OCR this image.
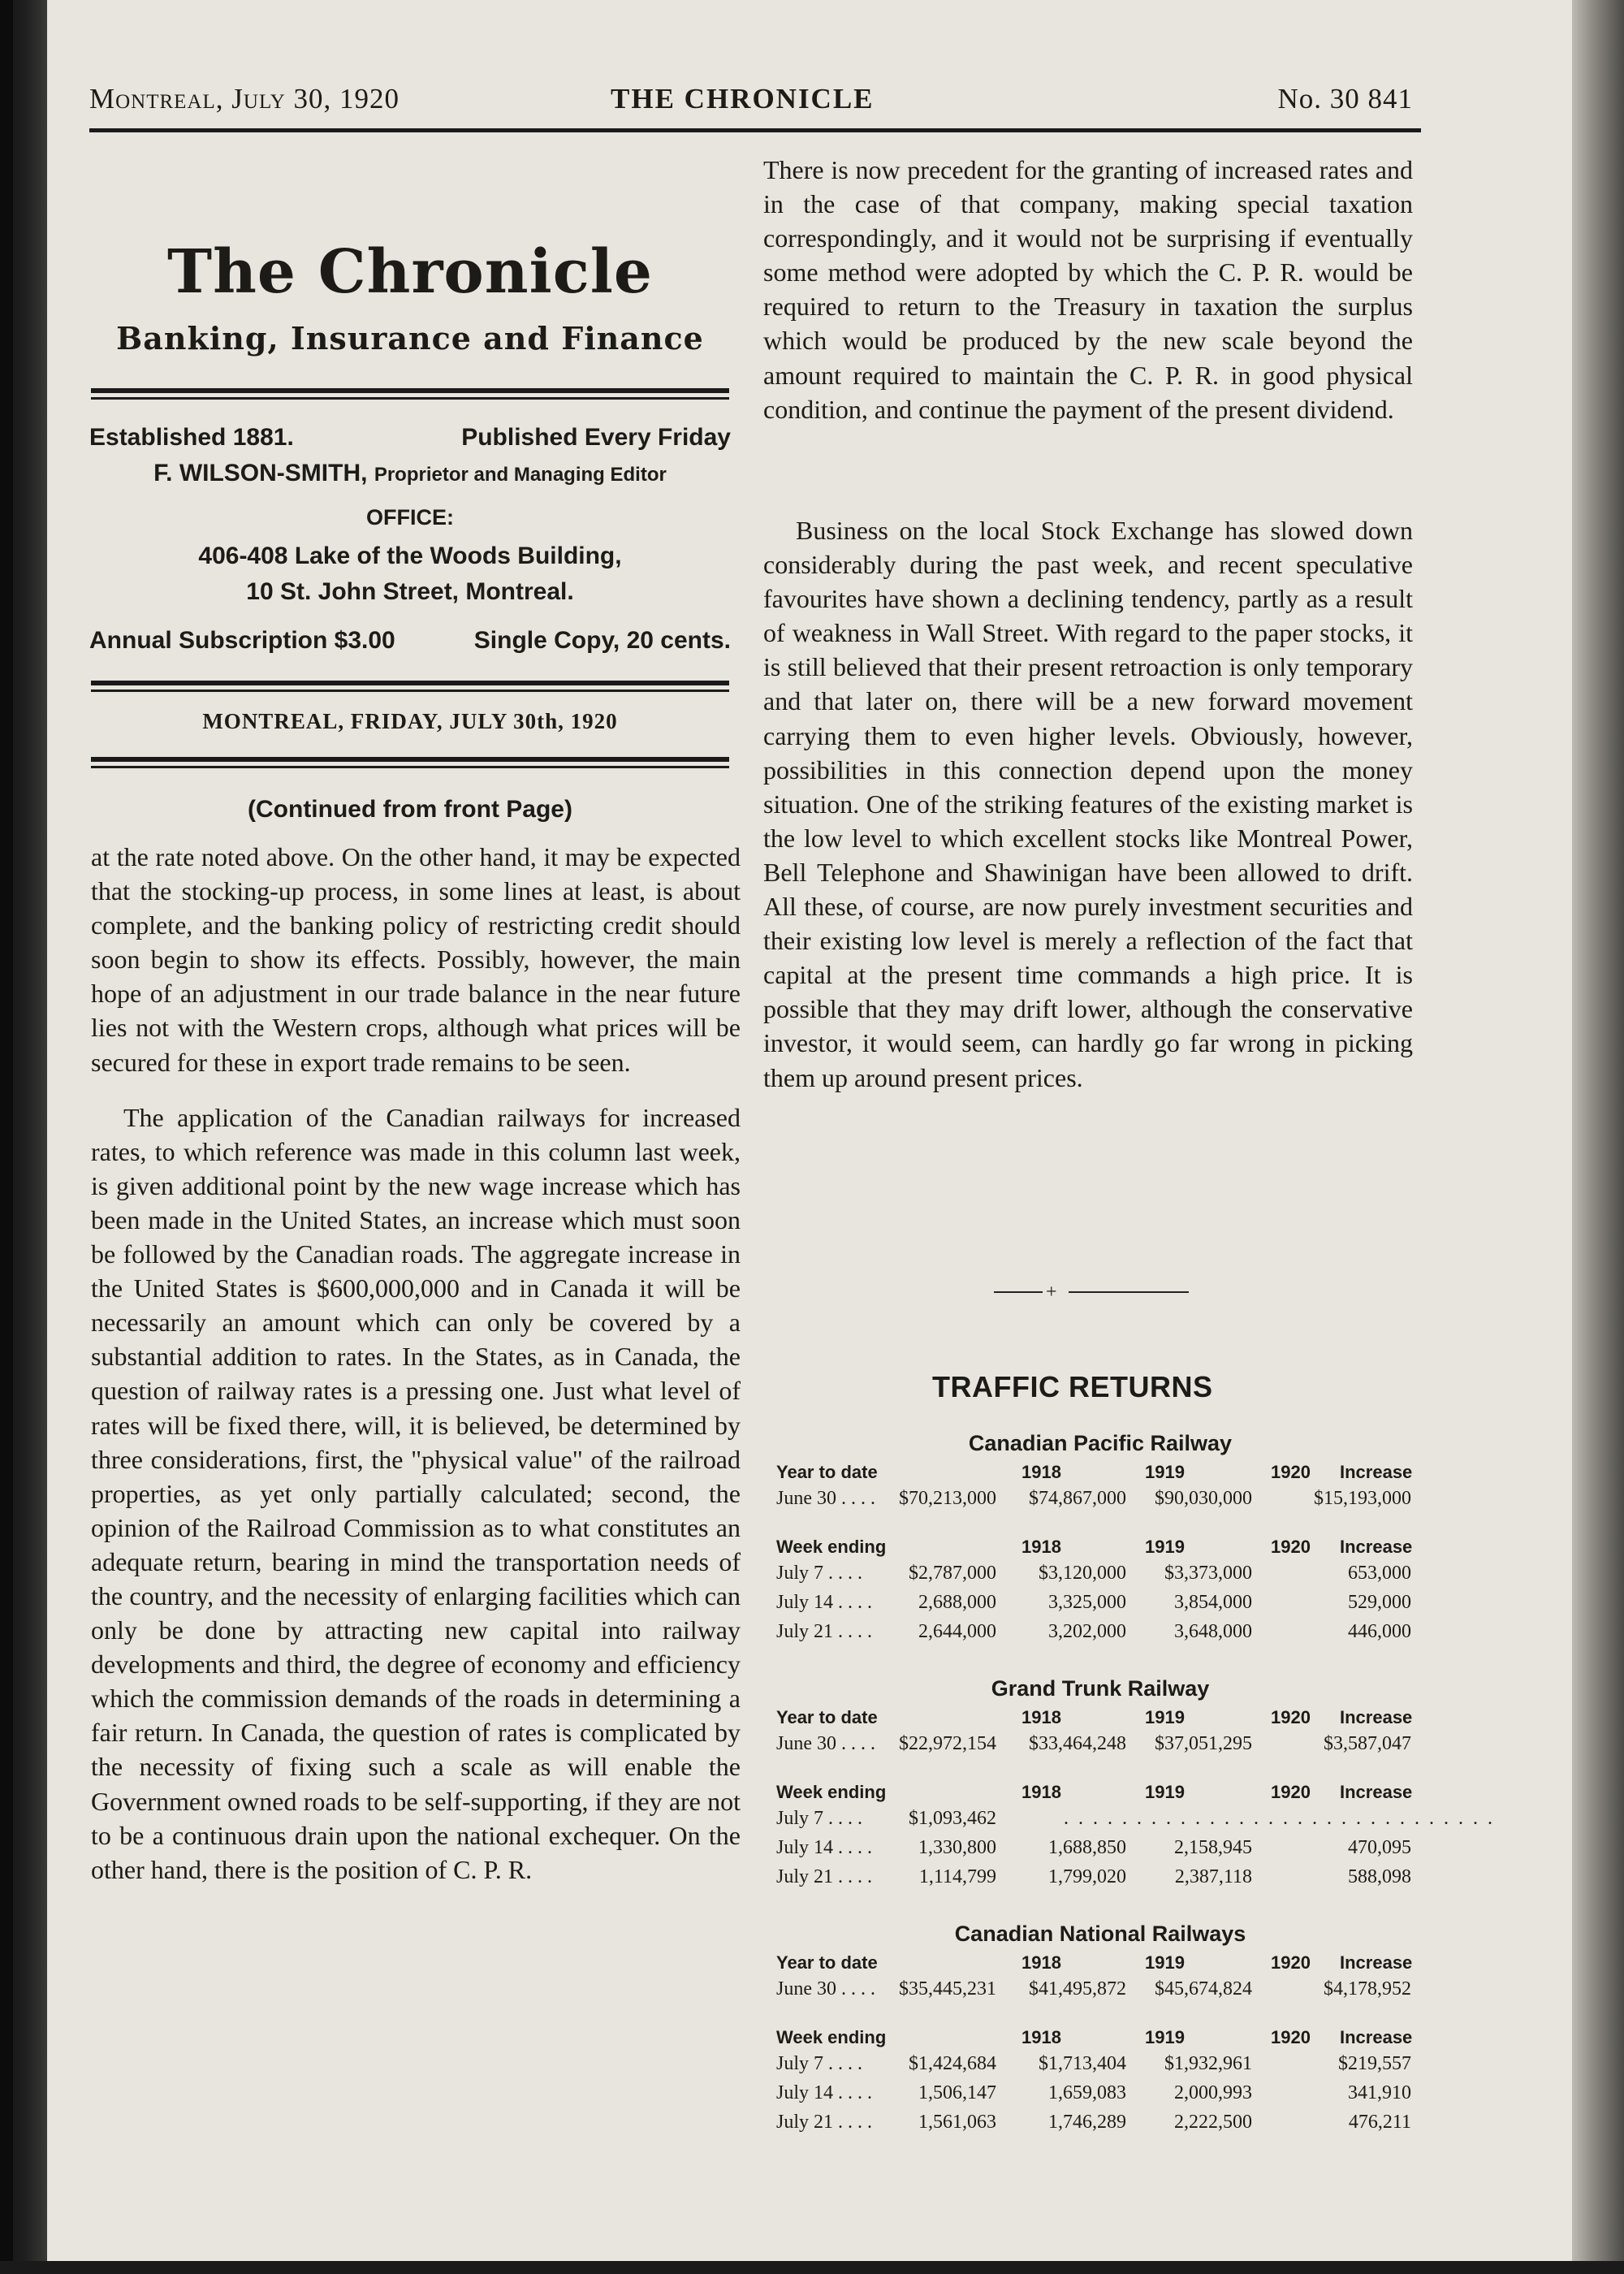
Montreal, July 30, 1920	THE CHRONICLE	No. 30 841
The Chronicle
Banking, Insurance and Finance
Established 1881.	Published Every Friday
F. WILSON-SMITH, Proprietor and Managing Editor
OFFICE:
406-408 Lake of the Woods Building,
10 St. John Street, Montreal.
Annual Subscription $3.00	Single Copy, 20 cents.
MONTREAL, FRIDAY, JULY 30th, 1920
(Continued from front Page)

at the rate noted above. On the other hand, it may be expected that the stocking-up process, in some lines at least, is about complete, and the banking policy of restricting credit should soon begin to show its effects. Possibly, however, the main hope of an adjustment in our trade balance in the near future lies not with the Western crops, although what prices will be secured for these in export trade remains to be seen.

The application of the Canadian railways for increased rates, to which reference was made in this column last week, is given additional point by the new wage increase which has been made in the United States, an increase which must soon be followed by the Canadian roads. The aggregate increase in the United States is $600,000,000 and in Canada it will be necessarily an amount which can only be covered by a substantial addition to rates. In the States, as in Canada, the question of railway rates is a pressing one. Just what level of rates will be fixed there, will, it is believed, be determined by three considerations, first, the "physical value" of the railroad properties, as yet only partially calculated; second, the opinion of the Railroad Commission as to what constitutes an adequate return, bearing in mind the transportation needs of the country, and the necessity of enlarging facilities which can only be done by attracting new capital into railway developments and third, the degree of economy and efficiency which the commission demands of the roads in determining a fair return. In Canada, the question of rates is complicated by the necessity of fixing such a scale as will enable the Government owned roads to be self-supporting, if they are not to be a continuous drain upon the national exchequer. On the other hand, there is the position of C. P. R.

There is now precedent for the granting of increased rates and in the case of that company, making special taxation correspondingly, and it would not be surprising if eventually some method were adopted by which the C. P. R. would be required to return to the Treasury in taxation the surplus which would be produced by the new scale beyond the amount required to maintain the C. P. R. in good physical condition, and continue the payment of the present dividend.

Business on the local Stock Exchange has slowed down considerably during the past week, and recent speculative favourites have shown a declining tendency, partly as a result of weakness in Wall Street. With regard to the paper stocks, it is still believed that their present retroaction is only temporary and that later on, there will be a new forward movement carrying them to even higher levels. Obviously, however, possibilities in this connection depend upon the money situation. One of the striking features of the existing market is the low level to which excellent stocks like Montreal Power, Bell Telephone and Shawinigan have been allowed to drift. All these, of course, are now purely investment securities and their existing low level is merely a reflection of the fact that capital at the present time commands a high price. It is possible that they may drift lower, although the conservative investor, it would seem, can hardly go far wrong in picking them up around present prices.

+
TRAFFIC RETURNS
Canadian Pacific Railway
Year to date	1918	1919	1920 Increase
June 30 . . . . $70,213,000 $74,867,000 $90,030,000	$15,193,000
Week ending	1918	1919	1920 Increase
July 7 . . . . $2,787,000 $3,120,000 $3,373,000	653,000
July 14 . . . . 2,688,000	3,325,000 3,854,000	529,000
July 21 . . . . 2,644,000	3,202,000 3,648,000	446,000
Grand Trunk Railway
Year to date	1918	1919	1920 Increase
June 30 . . . . $22,972,154 $33,464,248 $37,051,295	$3,587,047
Week ending	1918	1919	1920 Increase
July 7 . . . . $1,093,462	. . . . . . . . . . . . . . . . . . . . . . . . . . . . . .
July 14 . . . . 1,330,800	1,688,850 2,158,945	470,095
July 21 . . . . 1,114,799	1,799,020 2,387,118	588,098
Canadian National Railways
Year to date	1918	1919	1920 Increase
June 30 . . . . $35,445,231 $41,495,872 $45,674,824	$4,178,952
Week ending	1918	1919	1920 Increase
July 7 . . . . $1,424,684 $1,713,404 $1,932,961	$219,557
July 14 . . . . 1,506,147	1,659,083 2,000,993	341,910
July 21 . . . . 1,561,063	1,746,289 2,222,500	476,211
